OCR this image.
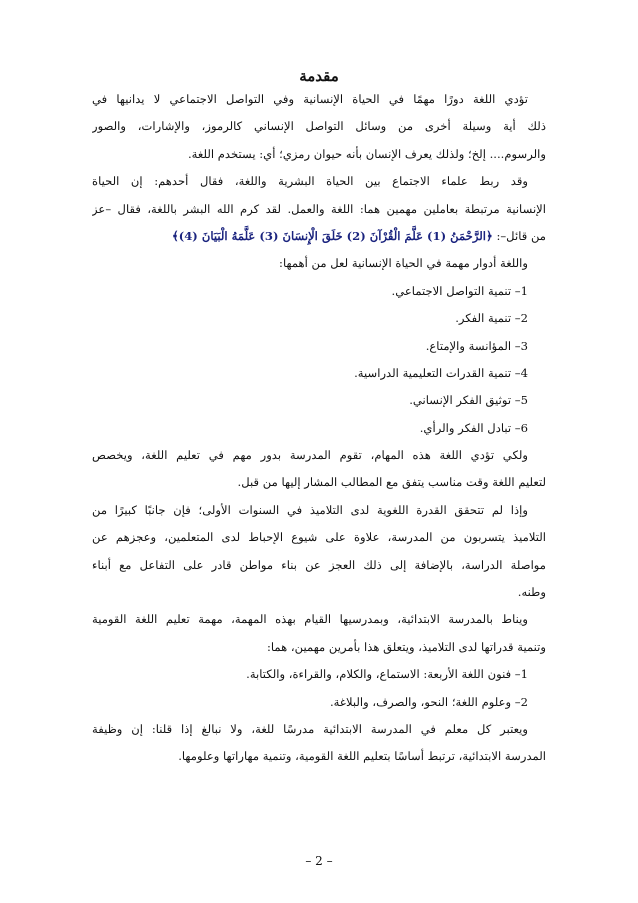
مقدمة
تؤدي اللغة دورًا مهمًا في الحياة الإنسانية وفي التواصل الاجتماعي لا يدانيها في
ذلك أية وسيلة أخرى من وسائل التواصل الإنساني كالرموز، والإشارات، والصور
والرسوم.... إلخ؛ ولذلك يعرف الإنسان بأنه حيوان رمزي؛ أي: يستخدم اللغة.
وقد ربط علماء الاجتماع بين الحياة البشرية واللغة، فقال أحدهم: إن الحياة
الإنسانية مرتبطة بعاملين مهمين هما: اللغة والعمل. لقد كرم الله البشر باللغة، فقال –عز
من قائل–: ﴿الرَّحْمَنُ (1) عَلَّمَ الْقُرْآنَ (2) خَلَقَ الْإِنسَانَ (3) عَلَّمَهُ الْبَيَانَ (4)﴾
واللغة أدوار مهمة في الحياة الإنسانية لعل من أهمها:
1– تنمية التواصل الاجتماعي.
2– تنمية الفكر.
3– المؤانسة والإمتاع.
4– تنمية القدرات التعليمية الدراسية.
5– توثيق الفكر الإنساني.
6– تبادل الفكر والرأي.
ولكي تؤدي اللغة هذه المهام، تقوم المدرسة بدور مهم في تعليم اللغة، ويخصص
لتعليم اللغة وقت مناسب يتفق مع المطالب المشار إليها من قبل.
وإذا لم تتحقق القدرة اللغوية لدى التلاميذ في السنوات الأولى؛ فإن جانبًا كبيرًا من
التلاميذ يتسربون من المدرسة، علاوة على شيوع الإحباط لدى المتعلمين، وعجزهم عن
مواصلة الدراسة، بالإضافة إلى ذلك العجز عن بناء مواطن قادر على التفاعل مع أبناء
وطنه.
ويناط بالمدرسة الابتدائية، وبمدرسيها القيام بهذه المهمة، مهمة تعليم اللغة القومية
وتنمية قدراتها لدى التلاميذ، ويتعلق هذا بأمرين مهمين، هما:
1– فنون اللغة الأربعة: الاستماع، والكلام، والقراءة، والكتابة.
2– وعلوم اللغة؛ النحو، والصرف، والبلاغة.
ويعتبر كل معلم في المدرسة الابتدائية مدرسًا للغة، ولا نبالغ إذا قلنا: إن وظيفة
المدرسة الابتدائية، ترتبط أساسًا بتعليم اللغة القومية، وتنمية مهاراتها وعلومها.
– 2 –
